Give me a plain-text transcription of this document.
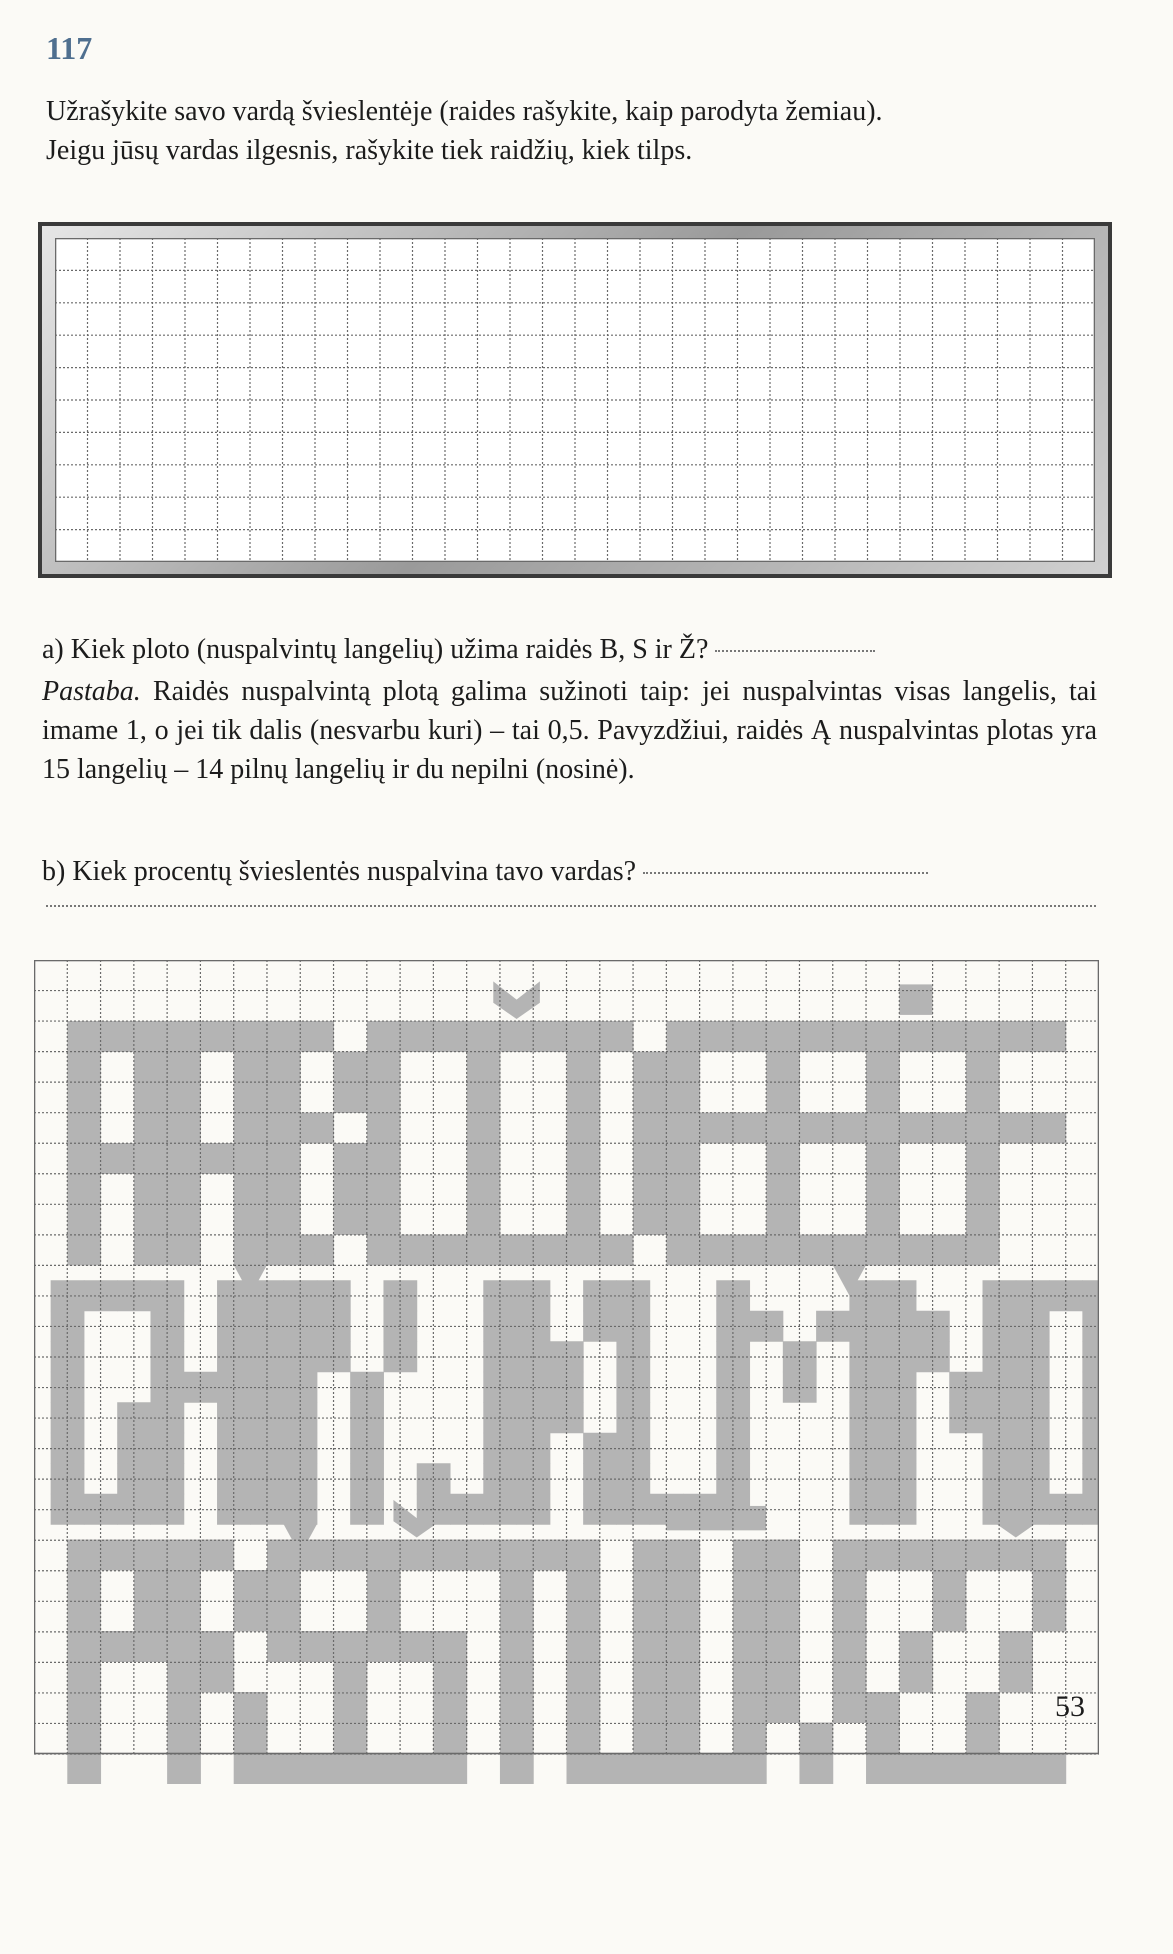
117
Užrašykite savo vardą švieslentėje (raides rašykite, kaip parodyta žemiau).
Jeigu jūsų vardas ilgesnis, rašykite tiek raidžių, kiek tilps.
a) Kiek ploto (nuspalvintų langelių) užima raidės B, S ir Ž?
Pastaba. Raidės nuspalvintą plotą galima sužinoti taip: jei nuspalvintas visas langelis, tai imame 1, o jei tik dalis (nesvarbu kuri) – tai 0,5. Pavyzdžiui, raidės Ą nuspalvintas plotas yra 15 langelių – 14 pilnų langelių ir du nepilni (nosinė).
b) Kiek procentų švieslentės nuspalvina tavo vardas?
53
